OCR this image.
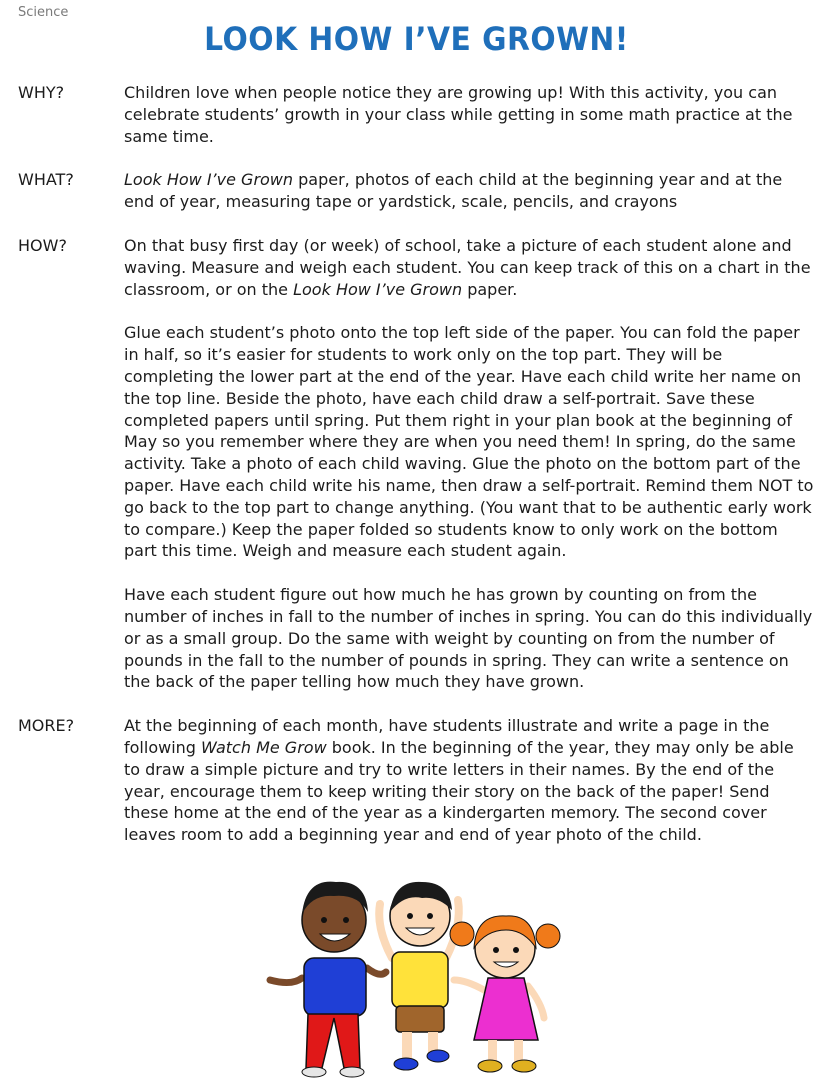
Science
LOOK HOW I’VE GROWN!
WHY?	Children love when people notice they are growing up! With this activity, you can celebrate students’ growth in your class while getting in some math practice at the same time.

WHAT?	Look How I’ve Grown paper, photos of each child at the beginning year and at the end of year, measuring tape or yardstick, scale, pencils, and crayons

HOW?	On that busy first day (or week) of school, take a picture of each student alone and waving. Measure and weigh each student. You can keep track of this on a chart in the classroom, or on the Look How I’ve Grown paper.

Glue each student’s photo onto the top left side of the paper. You can fold the paper in half, so it’s easier for students to work only on the top part. They will be completing the lower part at the end of the year. Have each child write her name on the top line. Beside the photo, have each child draw a self-portrait. Save these completed papers until spring. Put them right in your plan book at the beginning of May so you remember where they are when you need them! In spring, do the same activity. Take a photo of each child waving. Glue the photo on the bottom part of the paper. Have each child write his name, then draw a self-portrait. Remind them NOT to go back to the top part to change anything. (You want that to be authentic early work to compare.) Keep the paper folded so students know to only work on the bottom part this time. Weigh and measure each student again.

Have each student figure out how much he has grown by counting on from the number of inches in fall to the number of inches in spring. You can do this individually or as a small group. Do the same with weight by counting on from the number of pounds in the fall to the number of pounds in spring. They can write a sentence on the back of the paper telling how much they have grown.

MORE?	At the beginning of each month, have students illustrate and write a page in the following Watch Me Grow book. In the beginning of the year, they may only be able to draw a simple picture and try to write letters in their names. By the end of the year, encourage them to keep writing their story on the back of the paper! Send these home at the end of the year as a kindergarten memory. The second cover leaves room to add a beginning year and end of year photo of the child.
